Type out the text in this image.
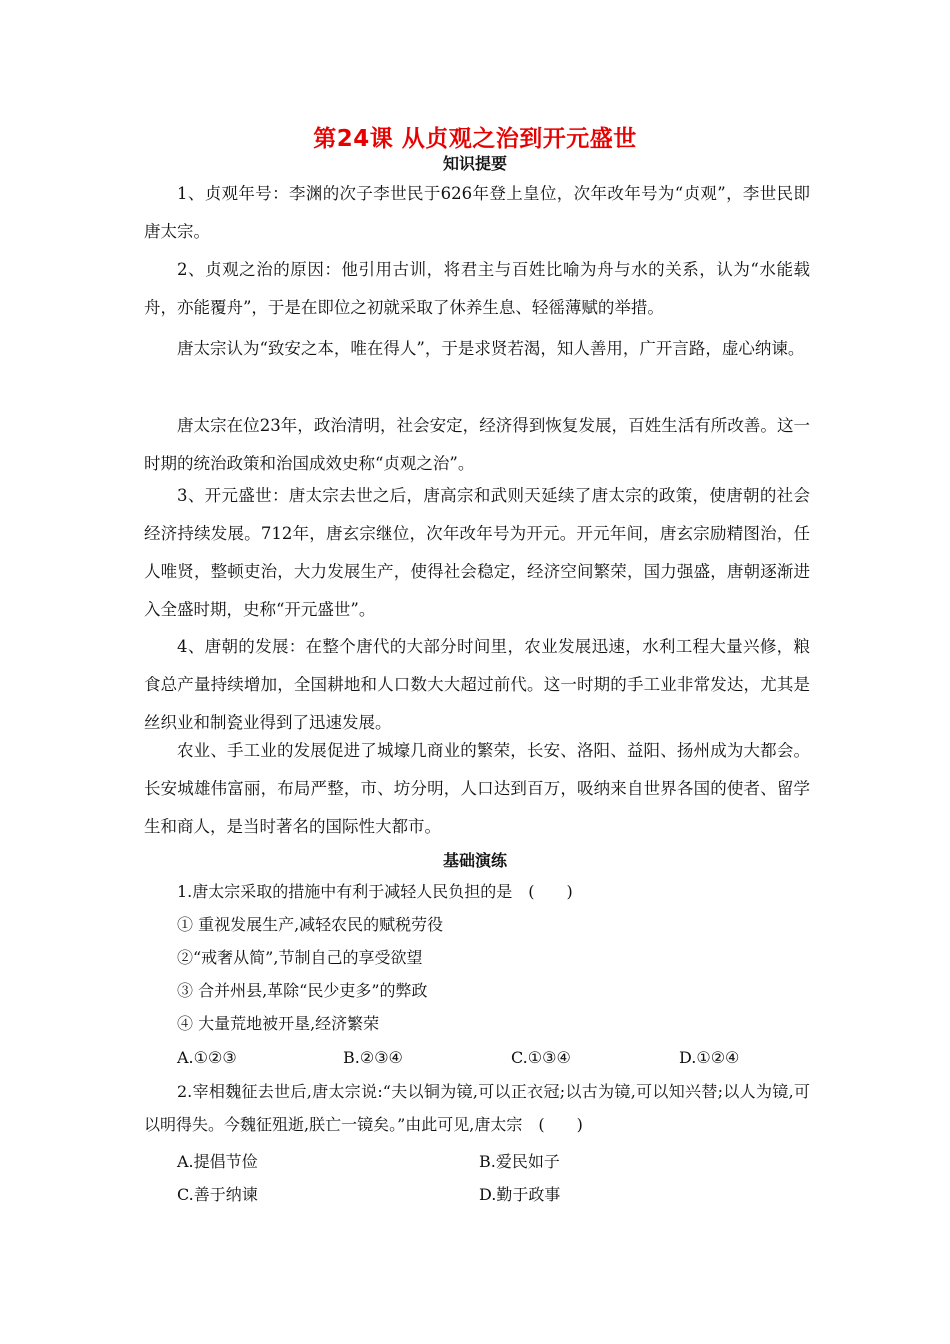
第24课 从贞观之治到开元盛世
知识提要
1、贞观年号：李渊的次子李世民于626年登上皇位，次年改年号为“贞观”，李世民即唐太宗。
2、贞观之治的原因：他引用古训，将君主与百姓比喻为舟与水的关系，认为“水能载舟，亦能覆舟”，于是在即位之初就采取了休养生息、轻徭薄赋的举措。
唐太宗认为“致安之本，唯在得人”，于是求贤若渴，知人善用，广开言路，虚心纳谏。
唐太宗在位23年，政治清明，社会安定，经济得到恢复发展，百姓生活有所改善。这一时期的统治政策和治国成效史称“贞观之治”。
3、开元盛世：唐太宗去世之后，唐高宗和武则天延续了唐太宗的政策，使唐朝的社会经济持续发展。712年，唐玄宗继位，次年改年号为开元。开元年间，唐玄宗励精图治，任人唯贤，整顿吏治，大力发展生产，使得社会稳定，经济空间繁荣，国力强盛，唐朝逐渐进入全盛时期，史称“开元盛世”。
4、唐朝的发展：在整个唐代的大部分时间里，农业发展迅速，水利工程大量兴修，粮食总产量持续增加，全国耕地和人口数大大超过前代。这一时期的手工业非常发达，尤其是丝织业和制瓷业得到了迅速发展。
农业、手工业的发展促进了城壕几商业的繁荣，长安、洛阳、益阳、扬州成为大都会。长安城雄伟富丽，布局严整，市、坊分明，人口达到百万，吸纳来自世界各国的使者、留学生和商人，是当时著名的国际性大都市。
基础演练
1.唐太宗采取的措施中有利于减轻人民负担的是　(　　)
① 重视发展生产,减轻农民的赋税劳役
②“戒奢从简”,节制自己的享受欲望
③ 合并州县,革除“民少吏多”的弊政
④ 大量荒地被开垦,经济繁荣
A.①②③	B.②③④	C.①③④	D.①②④
2.宰相魏征去世后,唐太宗说:“夫以铜为镜,可以正衣冠;以古为镜,可以知兴替;以人为镜,可以明得失。今魏征殂逝,朕亡一镜矣。”由此可见,唐太宗　(　　)
A.提倡节俭	B.爱民如子
C.善于纳谏	D.勤于政事
